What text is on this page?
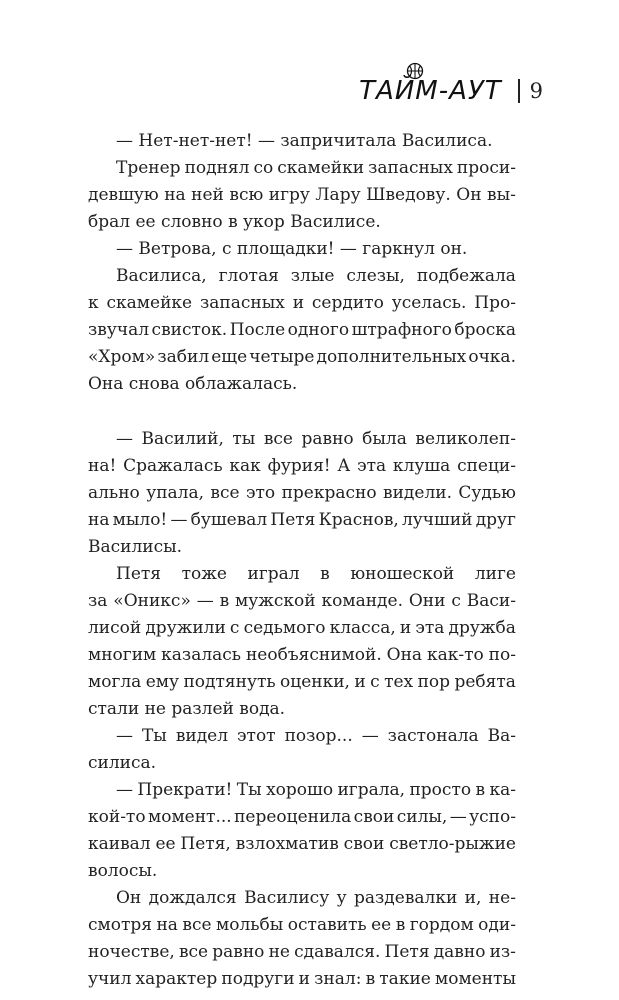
ТАЙМ-АУТ 9
— Нет-нет-нет! — запричитала Василиса.
Тренер поднял со скамейки запасных проси-
девшую на ней всю игру Лару Шведову. Он вы-
брал ее словно в укор Василисе.
— Ветрова, с площадки! — гаркнул он.
Василиса, глотая злые слезы, подбежала
к скамейке запасных и сердито уселась. Про-
звучал свисток. После одного штрафного броска
«Хром» забил еще четыре дополнительных очка.
Она снова облажалась.
— Василий, ты все равно была великолеп-
на! Сражалась как фурия! А эта клуша специ-
ально упала, все это прекрасно видели. Судью
на мыло! — бушевал Петя Краснов, лучший друг
Василисы.
Петя тоже играл в юношеской лиге
за «Оникс» — в мужской команде. Они с Васи-
лисой дружили с седьмого класса, и эта дружба
многим казалась необъяснимой. Она как-то по-
могла ему подтянуть оценки, и с тех пор ребята
стали не разлей вода.
— Ты видел этот позор... — застонала Ва-
силиса.
— Прекрати! Ты хорошо играла, просто в ка-
кой-то момент... переоценила свои силы, — успо-
каивал ее Петя, взлохматив свои светло-рыжие
волосы.
Он дождался Василису у раздевалки и, не-
смотря на все мольбы оставить ее в гордом оди-
ночестве, все равно не сдавался. Петя давно из-
учил характер подруги и знал: в такие моменты
